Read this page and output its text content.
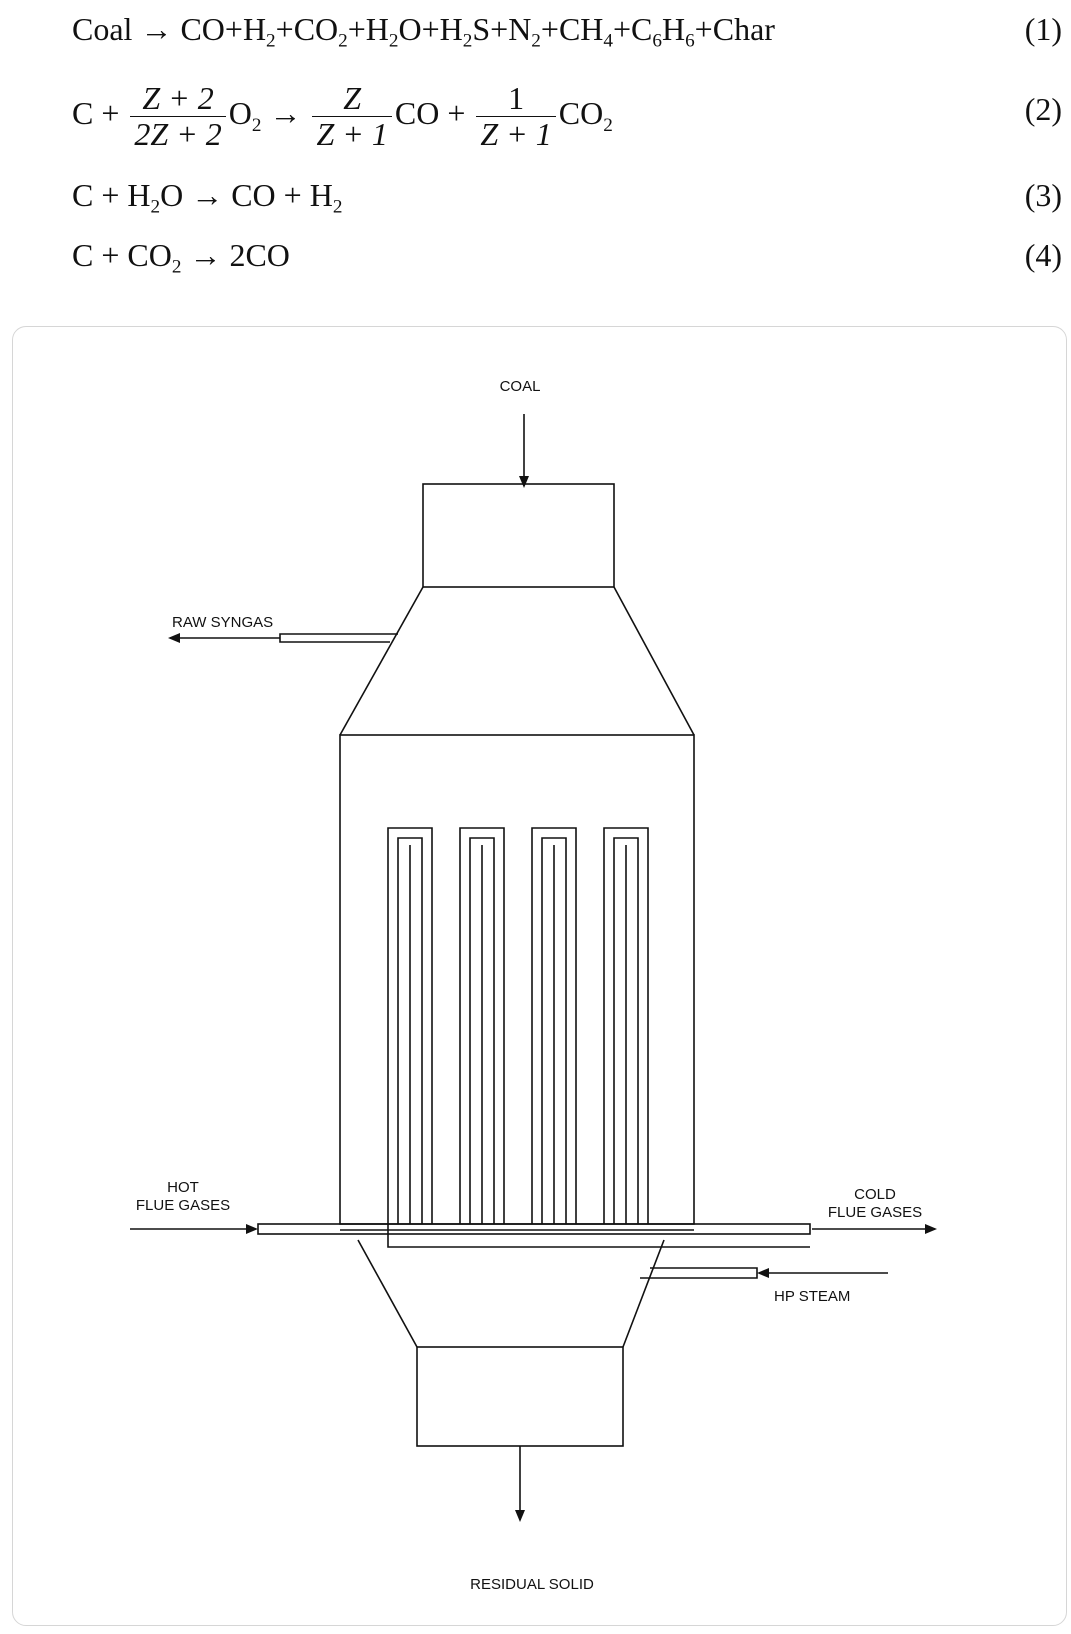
Coal → $CO+H_2+CO_2+H_2O+H_2S+N_2+CH_4+C_6H_6+Char$	(1)
$C + \frac{Z + 2}{2Z + 2} O_2 \to \frac{Z}{Z + 1}$ CO + $\frac{1}{Z + 1} CO_2$	(2)
$C + H_2O$ → CO + $H_2$	(3)
$C + CO_2 \to 2CO$	(4)
COAL
RAW SYNGAS
HOT
FLUE GASES
COLD
FLUE GASES
HP STEAM
RESIDUAL SOLID
